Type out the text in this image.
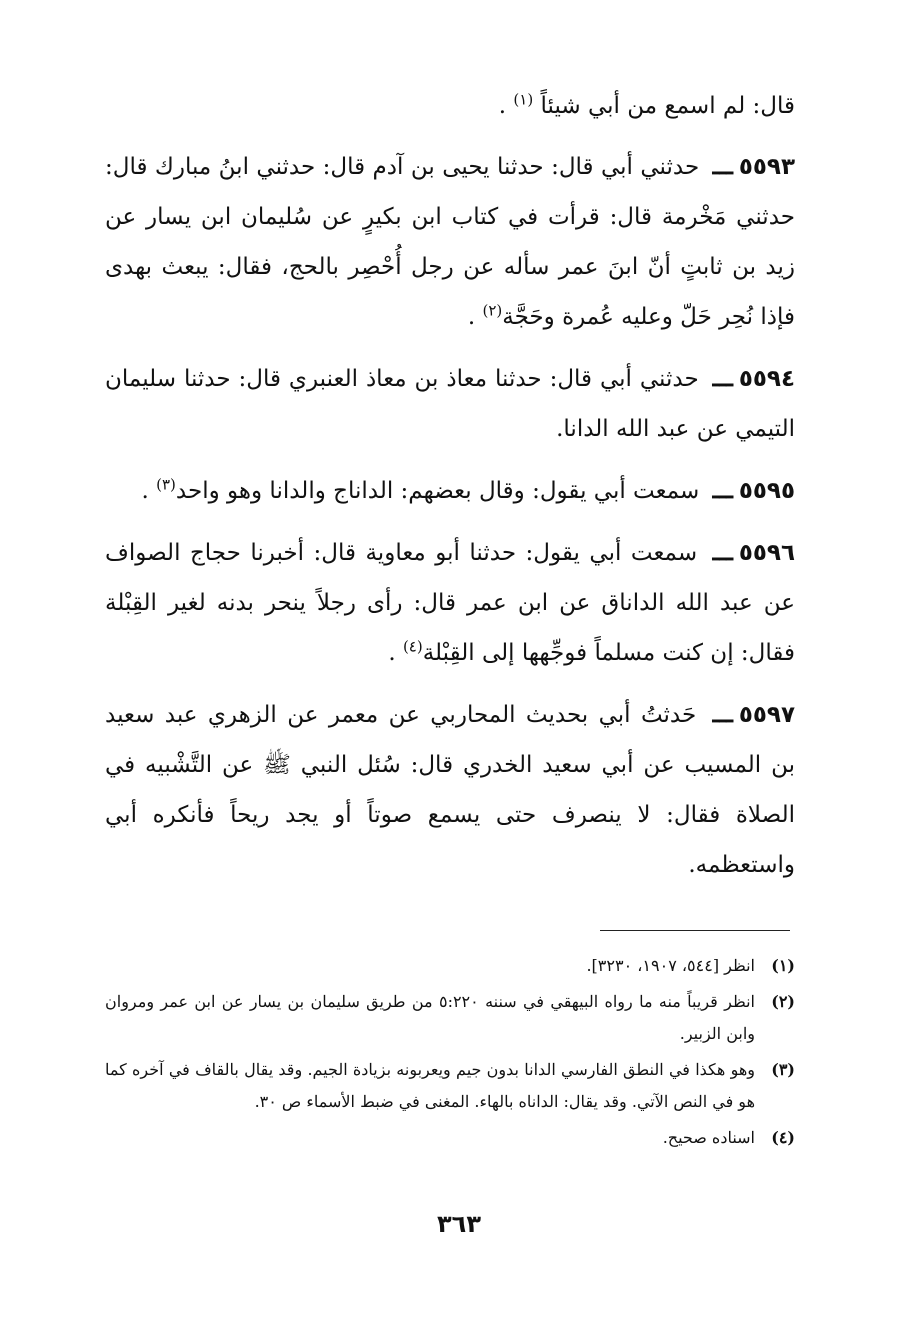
قال: لم اسمع من أبي شيئاً $^{(١)}$ .

٥٥٩٣ـــ حدثني أبي قال: حدثنا يحيى بن آدم قال: حدثني ابنُ مبارك قال: حدثني مَخْرمة قال: قرأت في كتاب ابن بكيرٍ عن سُليمان ابن يسار عن زيد بن ثابتٍ أنّ ابنَ عمر سأله عن رجل أُحْصِر بالحج، فقال: يبعث بهدى فإذا نُحِر حَلّ وعليه عُمرة وحَجَّة$^{(٢)}$ .

٥٥٩٤ـــ حدثني أبي قال: حدثنا معاذ بن معاذ العنبري قال: حدثنا سليمان التيمي عن عبد الله الدانا.

٥٥٩٥ـــ سمعت أبي يقول: وقال بعضهم: الداناج والدانا وهو واحد$^{(٣)}$ .

٥٥٩٦ـــ سمعت أبي يقول: حدثنا أبو معاوية قال: أخبرنا حجاج الصواف عن عبد الله الداناق عن ابن عمر قال: رأى رجلاً ينحر بدنه لغير القِبْلة فقال: إن كنت مسلماً فوجِّهها إلى القِبْلة$^{(٤)}$ .

٥٥٩٧ـــ حَدثتُ أبي بحديث المحاربي عن معمر عن الزهري عبد سعيد بن المسيب عن أبي سعيد الخدري قال: سُئل النبي ﷺ عن التَّشْبيه في الصلاة فقال: لا ينصرف حتى يسمع صوتاً أو يجد ريحاً فأنكره أبي واستعظمه.

(١)
انظر [٥٤٤، ١٩٠٧، ٣٢٣٠].
(٢)
انظر قريباً منه ما رواه البيهقي في سننه ٥:٢٢٠ من طريق سليمان بن يسار عن ابن عمر ومروان وابن الزبير.
(٣)
وهو هكذا في النطق الفارسي الدانا بدون جيم ويعربونه بزيادة الجيم. وقد يقال بالقاف في آخره كما هو في النص الآتي. وقد يقال: الداناه بالهاء. المغنى في ضبط الأسماء ص ٣٠.
(٤)
اسناده صحيح.
٣٦٣
